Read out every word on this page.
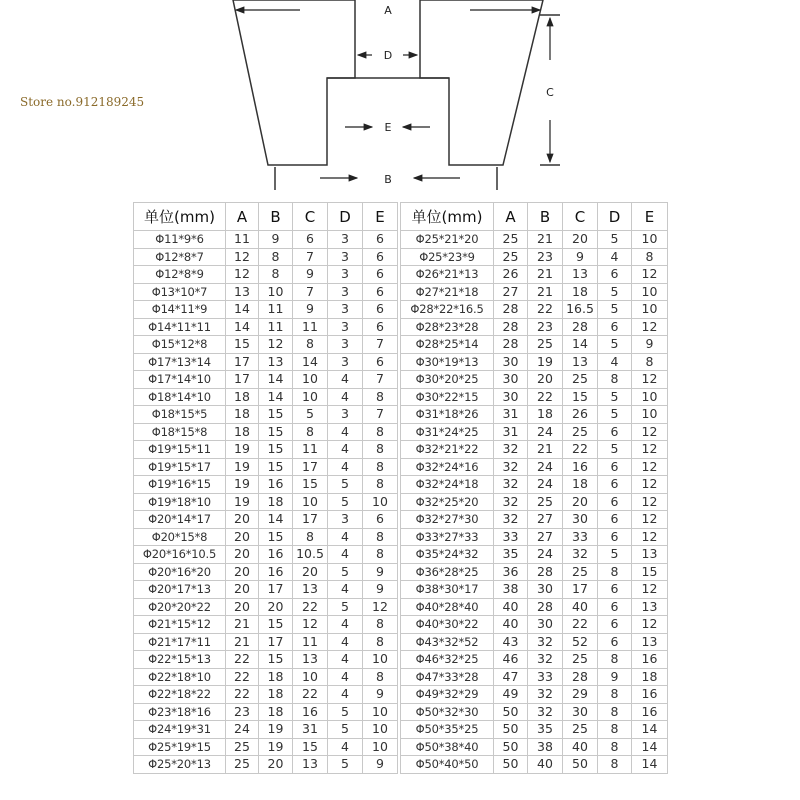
A
D
C
E
B
单位(mm)	A	B	C	D	E
Φ11*9*6	11	9	6	3	6
Φ12*8*7	12	8	7	3	6
Φ12*8*9	12	8	9	3	6
Φ13*10*7	13	10	7	3	6
Φ14*11*9	14	11	9	3	6
Φ14*11*11	14	11	11	3	6
Φ15*12*8	15	12	8	3	7
Φ17*13*14	17	13	14	3	6
Φ17*14*10	17	14	10	4	7
Φ18*14*10	18	14	10	4	8
Φ18*15*5	18	15	5	3	7
Φ18*15*8	18	15	8	4	8
Φ19*15*11	19	15	11	4	8
Φ19*15*17	19	15	17	4	8
Φ19*16*15	19	16	15	5	8
Φ19*18*10	19	18	10	5	10
Φ20*14*17	20	14	17	3	6
Φ20*15*8	20	15	8	4	8
Φ20*16*10.5	20	16	10.5	4	8
Φ20*16*20	20	16	20	5	9
Φ20*17*13	20	17	13	4	9
Φ20*20*22	20	20	22	5	12
Φ21*15*12	21	15	12	4	8
Φ21*17*11	21	17	11	4	8
Φ22*15*13	22	15	13	4	10
Φ22*18*10	22	18	10	4	8
Φ22*18*22	22	18	22	4	9
Φ23*18*16	23	18	16	5	10
Φ24*19*31	24	19	31	5	10
Φ25*19*15	25	19	15	4	10
Φ25*20*13	25	20	13	5	9
单位(mm)	A	B	C	D	E
Φ25*21*20	25	21	20	5	10
Φ25*23*9	25	23	9	4	8
Φ26*21*13	26	21	13	6	12
Φ27*21*18	27	21	18	5	10
Φ28*22*16.5	28	22	16.5	5	10
Φ28*23*28	28	23	28	6	12
Φ28*25*14	28	25	14	5	9
Φ30*19*13	30	19	13	4	8
Φ30*20*25	30	20	25	8	12
Φ30*22*15	30	22	15	5	10
Φ31*18*26	31	18	26	5	10
Φ31*24*25	31	24	25	6	12
Φ32*21*22	32	21	22	5	12
Φ32*24*16	32	24	16	6	12
Φ32*24*18	32	24	18	6	12
Φ32*25*20	32	25	20	6	12
Φ32*27*30	32	27	30	6	12
Φ33*27*33	33	27	33	6	12
Φ35*24*32	35	24	32	5	13
Φ36*28*25	36	28	25	8	15
Φ38*30*17	38	30	17	6	12
Φ40*28*40	40	28	40	6	13
Φ40*30*22	40	30	22	6	12
Φ43*32*52	43	32	52	6	13
Φ46*32*25	46	32	25	8	16
Φ47*33*28	47	33	28	9	18
Φ49*32*29	49	32	29	8	16
Φ50*32*30	50	32	30	8	16
Φ50*35*25	50	35	25	8	14
Φ50*38*40	50	38	40	8	14
Φ50*40*50	50	40	50	8	14
Store no.912189245
